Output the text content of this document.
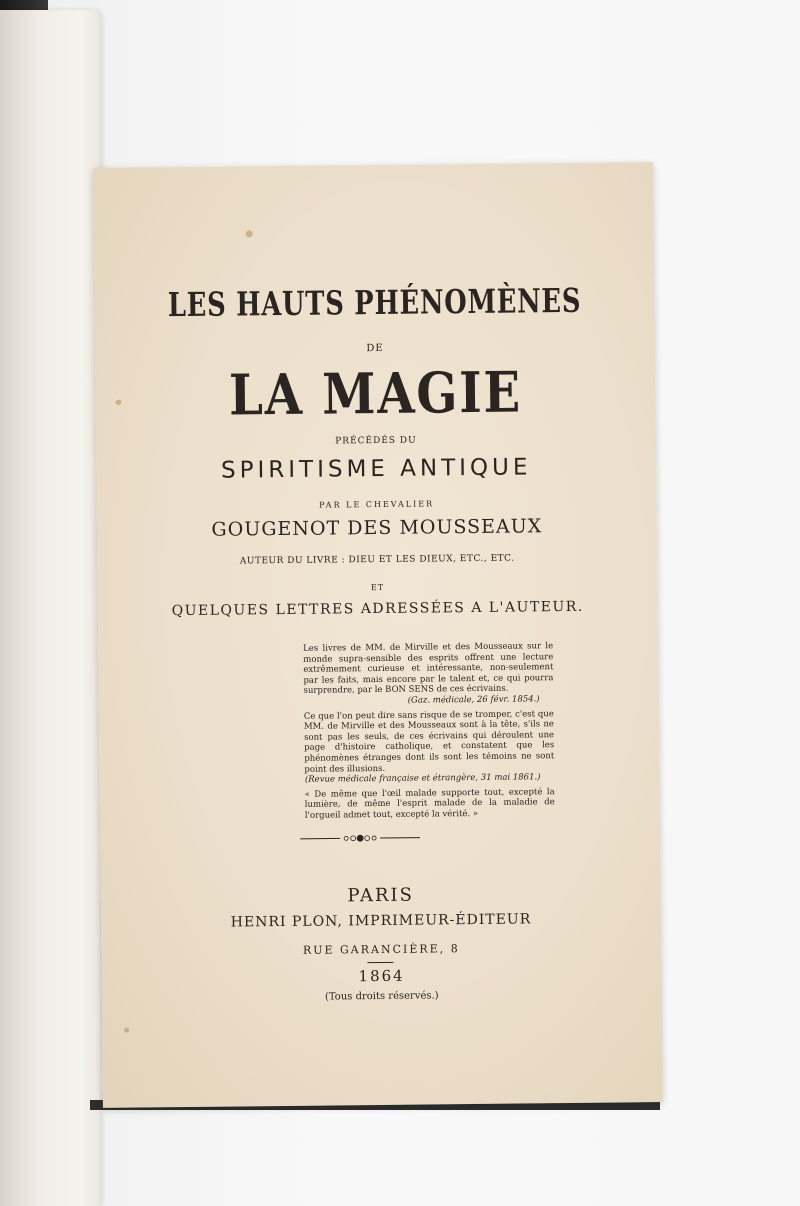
LES HAUTS PHÉNOMÈNES
DE
LA MAGIE
PRÉCÉDÉS DU
SPIRITISME ANTIQUE
PAR LE CHEVALIER
GOUGENOT DES MOUSSEAUX
AUTEUR DU LIVRE : DIEU ET LES DIEUX, ETC., ETC.
ET
QUELQUES LETTRES ADRESSÉES A L'AUTEUR.

Les livres de MM. de Mirville et des Mousseaux sur le monde supra-sensible des esprits offrent une lecture extrêmement curieuse et intéressante, non-seulement par les faits, mais encore par le talent et, ce qui pourra surprendre, par le BON SENS de ces écrivains.
(Gaz. médicale, 26 févr. 1854.)

Ce que l'on peut dire sans risque de se tromper, c'est que MM. de Mirville et des Mousseaux sont à la tête, s'ils ne sont pas les seuls, de ces écrivains qui déroulent une page d'histoire catholique, et constatent que les phénomènes étranges dont ils sont les témoins ne sont point des illusions.
(Revue médicale française et étrangère, 31 mai 1861.)

« De même que l'œil malade supporte tout, excepté la lumière, de même l'esprit malade de la maladie de l'orgueil admet tout, excepté la vérité. »

PARIS
HENRI PLON, IMPRIMEUR-ÉDITEUR
RUE GARANCIÈRE, 8
1864
(Tous droits réservés.)
